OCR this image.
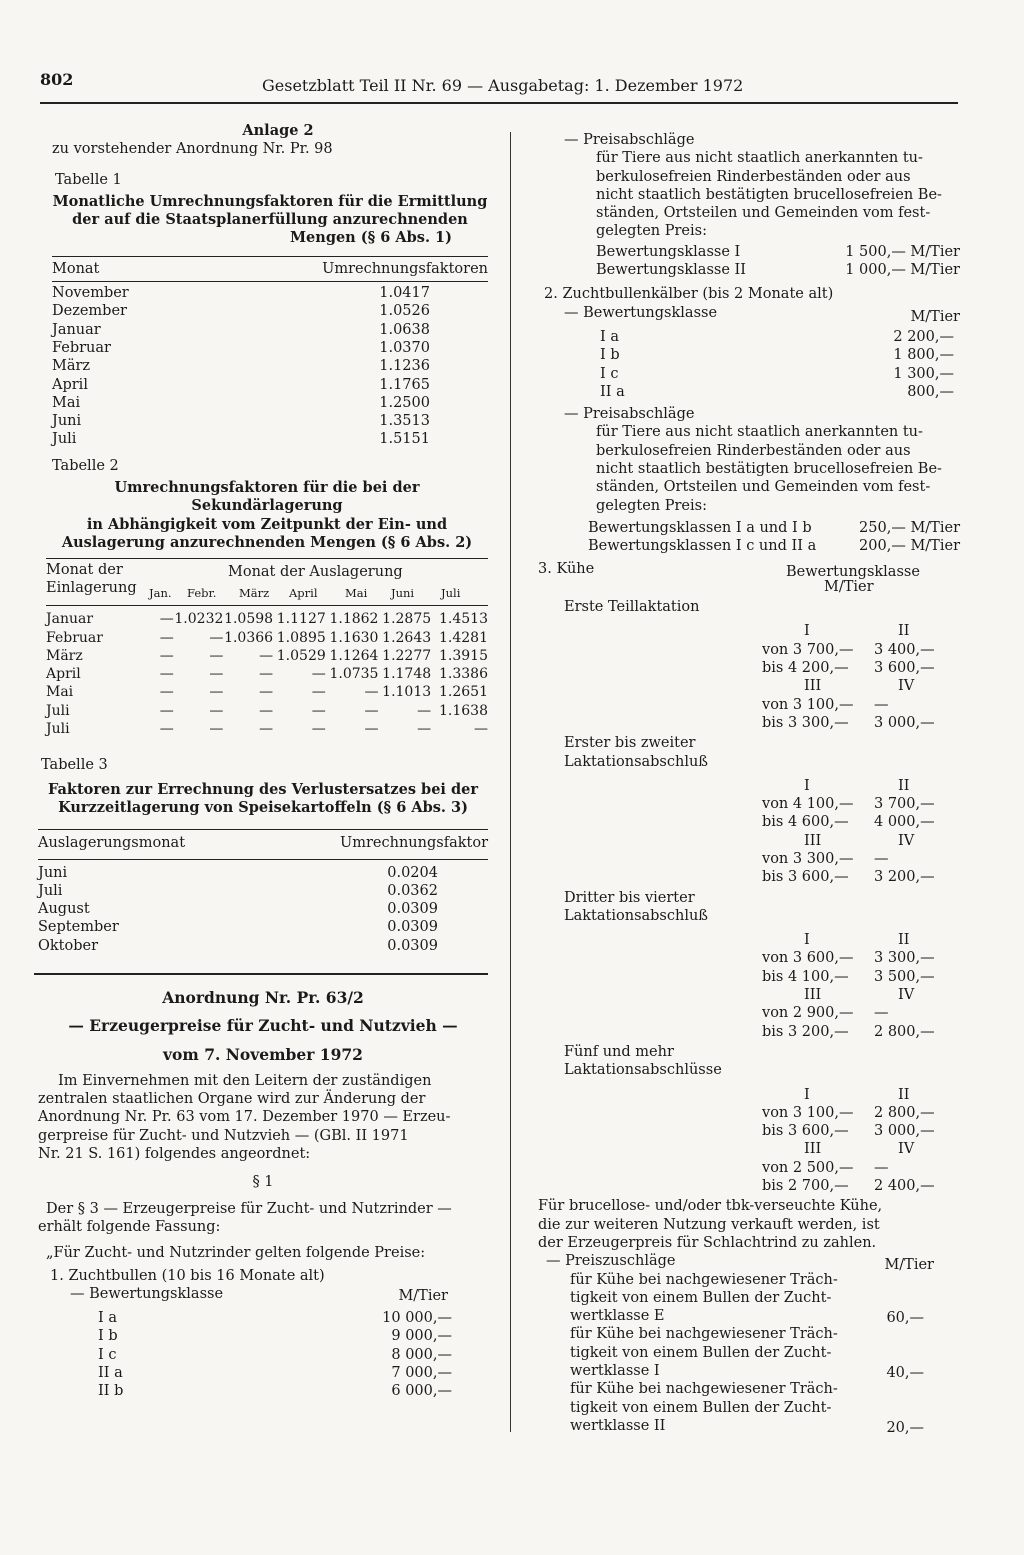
802	Gesetzblatt Teil II Nr. 69 — Ausgabetag: 1. Dezember 1972
Anlage 2
zu vorstehender Anordnung Nr. Pr. 98
Tabelle 1
Monatliche Umrechnungsfaktoren für die Ermittlung
der auf die Staatsplanerfüllung anzurechnenden
Mengen (§ 6 Abs. 1)
Monat	Umrechnungsfaktoren
November	1.0417
Dezember	1.0526
Januar	1.0638
Februar	1.0370
März	1.1236
April	1.1765
Mai	1.2500
Juni	1.3513
Juli	1.5151
Tabelle 2
Umrechnungsfaktoren für die bei der Sekundärlagerung
in Abhängigkeit vom Zeitpunkt der Ein- und
Auslagerung anzurechnenden Mengen (§ 6 Abs. 2)
Monat der
Einlagerung
Monat der Auslagerung
Jan. Febr. März April Mai Juni Juli
Januar	—	1.0232	1.0598	1.1127	1.1862	1.2875	1.4513
Februar	—	—	1.0366	1.0895	1.1630	1.2643	1.4281
März	—	—	—	1.0529	1.1264	1.2277	1.3915
April	—	—	—	—	1.0735	1.1748	1.3386
Mai	—	—	—	—	—	1.1013	1.2651
Juli	—	—	—	—	—	—	1.1638
Juli	—	—	—	—	—	—	—
Tabelle 3
Faktoren zur Errechnung des Verlustersatzes bei der
Kurzzeitlagerung von Speisekartoffeln (§ 6 Abs. 3)
Auslagerungsmonat	Umrechnungsfaktor
Juni	0.0204
Juli	0.0362
August	0.0309
September	0.0309
Oktober	0.0309
Anordnung Nr. Pr. 63/2
— Erzeugerpreise für Zucht- und Nutzvieh —
vom 7. November 1972
Im Einvernehmen mit den Leitern der zuständigen
zentralen staatlichen Organe wird zur Änderung der
Anordnung Nr. Pr. 63 vom 17. Dezember 1970 — Erzeu-
gerpreise für Zucht- und Nutzvieh — (GBl. II 1971
Nr. 21 S. 161) folgendes angeordnet:
§ 1
Der § 3 — Erzeugerpreise für Zucht- und Nutzrinder —
erhält folgende Fassung:
„Für Zucht- und Nutzrinder gelten folgende Preise:
1. Zuchtbullen (10 bis 16 Monate alt)
— Bewertungsklasse	M/Tier
I a	10 000,—
I b	9 000,—
I c	8 000,—
II a	7 000,—
II b	6 000,—
— Preisabschläge
für Tiere aus nicht staatlich anerkannten tu-
berkulosefreien Rinderbeständen oder aus
nicht staatlich bestätigten brucellosefreien Be-
ständen, Ortsteilen und Gemeinden vom fest-
gelegten Preis:
Bewertungsklasse I	1 500,— M/Tier
Bewertungsklasse II	1 000,— M/Tier
2. Zuchtbullenkälber (bis 2 Monate alt)
— Bewertungsklasse	M/Tier
I a	2 200,—
I b	1 800,—
I c	1 300,—
II a	800,—
— Preisabschläge
für Tiere aus nicht staatlich anerkannten tu-
berkulosefreien Rinderbeständen oder aus
nicht staatlich bestätigten brucellosefreien Be-
ständen, Ortsteilen und Gemeinden vom fest-
gelegten Preis:
Bewertungsklassen I a und I b	250,— M/Tier
Bewertungsklassen I c und II a	200,— M/Tier
3. Kühe	Bewertungsklasse
M/Tier
Erste Teillaktation
I	II
von 3 700,— 3 400,—
bis 4 200,— 3 600,—
III	IV
von 3 100,— —
bis 3 300,— 3 000,—
Erster bis zweiter
Laktationsabschluß
I	II
von 4 100,— 3 700,—
bis 4 600,— 4 000,—
III	IV
von 3 300,— —
bis 3 600,— 3 200,—
Dritter bis vierter
Laktationsabschluß
I	II
von 3 600,— 3 300,—
bis 4 100,— 3 500,—
III	IV
von 2 900,— —
bis 3 200,— 2 800,—
Fünf und mehr
Laktationsabschlüsse
I	II
von 3 100,— 2 800,—
bis 3 600,— 3 000,—
III	IV
von 2 500,— —
bis 2 700,— 2 400,—
Für brucellose- und/oder tbk-verseuchte Kühe,
die zur weiteren Nutzung verkauft werden, ist
der Erzeugerpreis für Schlachtrind zu zahlen.
— Preiszuschläge	M/Tier
für Kühe bei nachgewiesener Träch-
tigkeit von einem Bullen der Zucht-
wertklasse E	60,—
für Kühe bei nachgewiesener Träch-
tigkeit von einem Bullen der Zucht-
wertklasse I	40,—
für Kühe bei nachgewiesener Träch-
tigkeit von einem Bullen der Zucht-
wertklasse II	20,—
